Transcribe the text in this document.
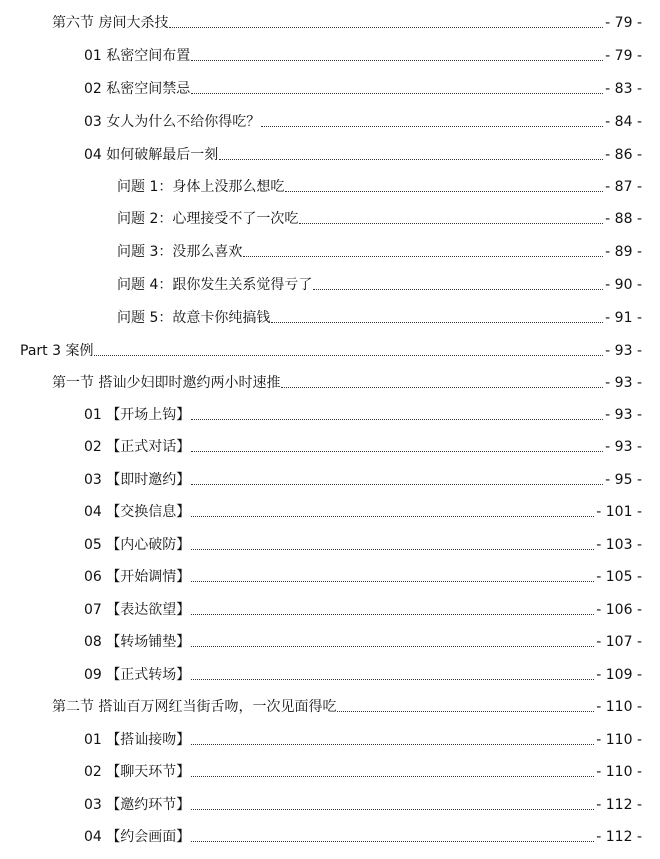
第六节 房间大杀技	- 79 -
01 私密空间布置	- 79 -
02 私密空间禁忌	- 83 -
03 女人为什么不给你得吃？	- 84 -
04 如何破解最后一刻	- 86 -
问题 1：身体上没那么想吃	- 87 -
问题 2：心理接受不了一次吃	- 88 -
问题 3：没那么喜欢	- 89 -
问题 4：跟你发生关系觉得亏了	- 90 -
问题 5：故意卡你纯搞钱	- 91 -
Part 3 案例	- 93 -
第一节 搭讪少妇即时邀约两小时速推	- 93 -
01 【开场上钩】	- 93 -
02 【正式对话】	- 93 -
03 【即时邀约】	- 95 -
04 【交换信息】	- 101 -
05 【内心破防】	- 103 -
06 【开始调情】	- 105 -
07 【表达欲望】	- 106 -
08 【转场铺垫】	- 107 -
09 【正式转场】	- 109 -
第二节 搭讪百万网红当街舌吻，一次见面得吃	- 110 -
01 【搭讪接吻】	- 110 -
02 【聊天环节】	- 110 -
03 【邀约环节】	- 112 -
04 【约会画面】	- 112 -
